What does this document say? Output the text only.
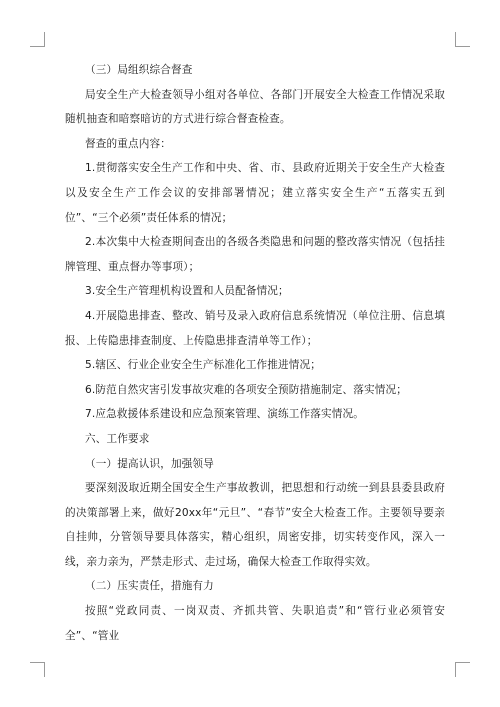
（三）局组织综合督查

局安全生产大检查领导小组对各单位、各部门开展安全大检查工作情况采取随机抽查和暗察暗访的方式进行综合督查检查。

督查的重点内容：

1.贯彻落实安全生产工作和中央、省、市、县政府近期关于安全生产大检查以及安全生产工作会议的安排部署情况；建立落实安全生产“五落实五到位”、“三个必须”责任体系的情况；

2.本次集中大检查期间查出的各级各类隐患和问题的整改落实情况（包括挂牌管理、重点督办等事项）；

3.安全生产管理机构设置和人员配备情况；

4.开展隐患排查、整改、销号及录入政府信息系统情况（单位注册、信息填报、上传隐患排查制度、上传隐患排查清单等工作）；

5.辖区、行业企业安全生产标准化工作推进情况；

6.防范自然灾害引发事故灾难的各项安全预防措施制定、落实情况；

7.应急救援体系建设和应急预案管理、演练工作落实情况。

六、工作要求

（一）提高认识，加强领导

要深刻汲取近期全国安全生产事故教训，把思想和行动统一到县县委县政府的决策部署上来，做好20xx年“元旦”、“春节”安全大检查工作。主要领导要亲自挂帅，分管领导要具体落实，精心组织，周密安排，切实转变作风，深入一线，亲力亲为，严禁走形式、走过场，确保大检查工作取得实效。

（二）压实责任，措施有力

按照“党政同责、一岗双责、齐抓共管、失职追责”和“管行业必须管安全”、“管业
